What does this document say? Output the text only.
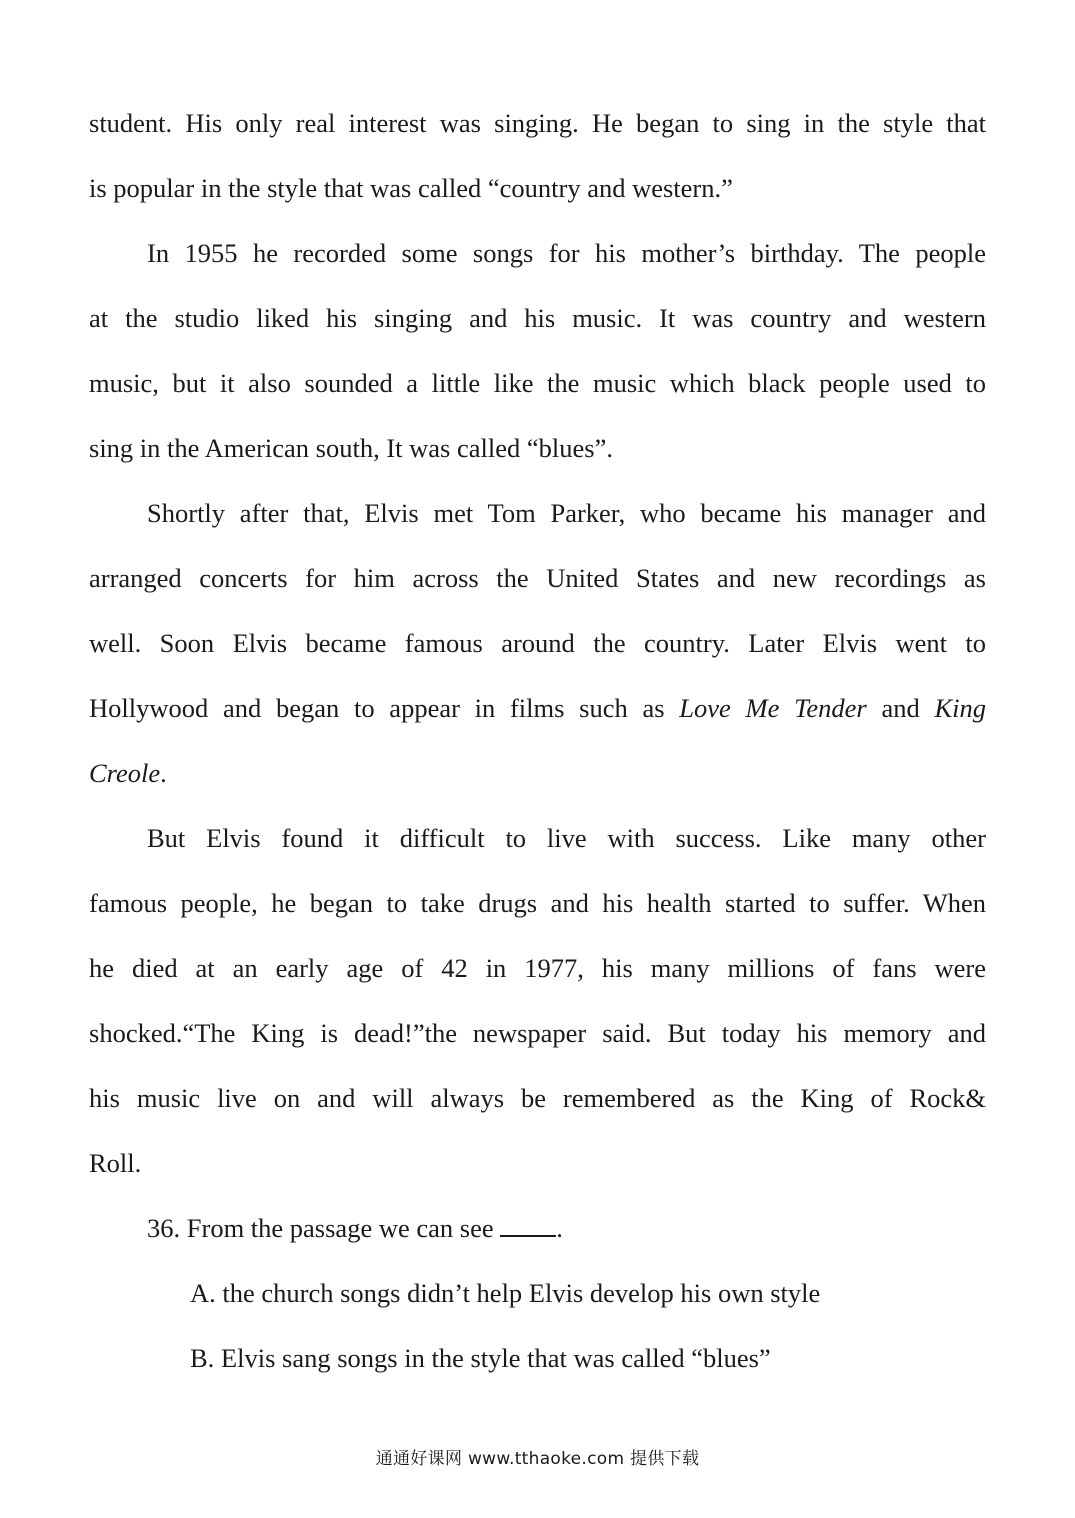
student. His only real interest was singing. He began to sing in the style that
is popular in the style that was called “country and western.”
In 1955 he recorded some songs for his mother’s birthday. The people
at the studio liked his singing and his music. It was country and western
music, but it also sounded a little like the music which black people used to
sing in the American south, It was called “blues”.
Shortly after that, Elvis met Tom Parker, who became his manager and
arranged concerts for him across the United States and new recordings as
well. Soon Elvis became famous around the country. Later Elvis went to
Hollywood and began to appear in films such as Love Me Tender and King
Creole.
But Elvis found it difficult to live with success. Like many other
famous people, he began to take drugs and his health started to suffer. When
he died at an early age of 42 in 1977, his many millions of fans were
shocked.“The King is dead!”the newspaper said. But today his memory and
his music live on and will always be remembered as the King of Rock&
Roll.
36. From the passage we can see .
A. the church songs didn’t help Elvis develop his own style
B. Elvis sang songs in the style that was called “blues”
通通好课网 www.tthaoke.com 提供下载
